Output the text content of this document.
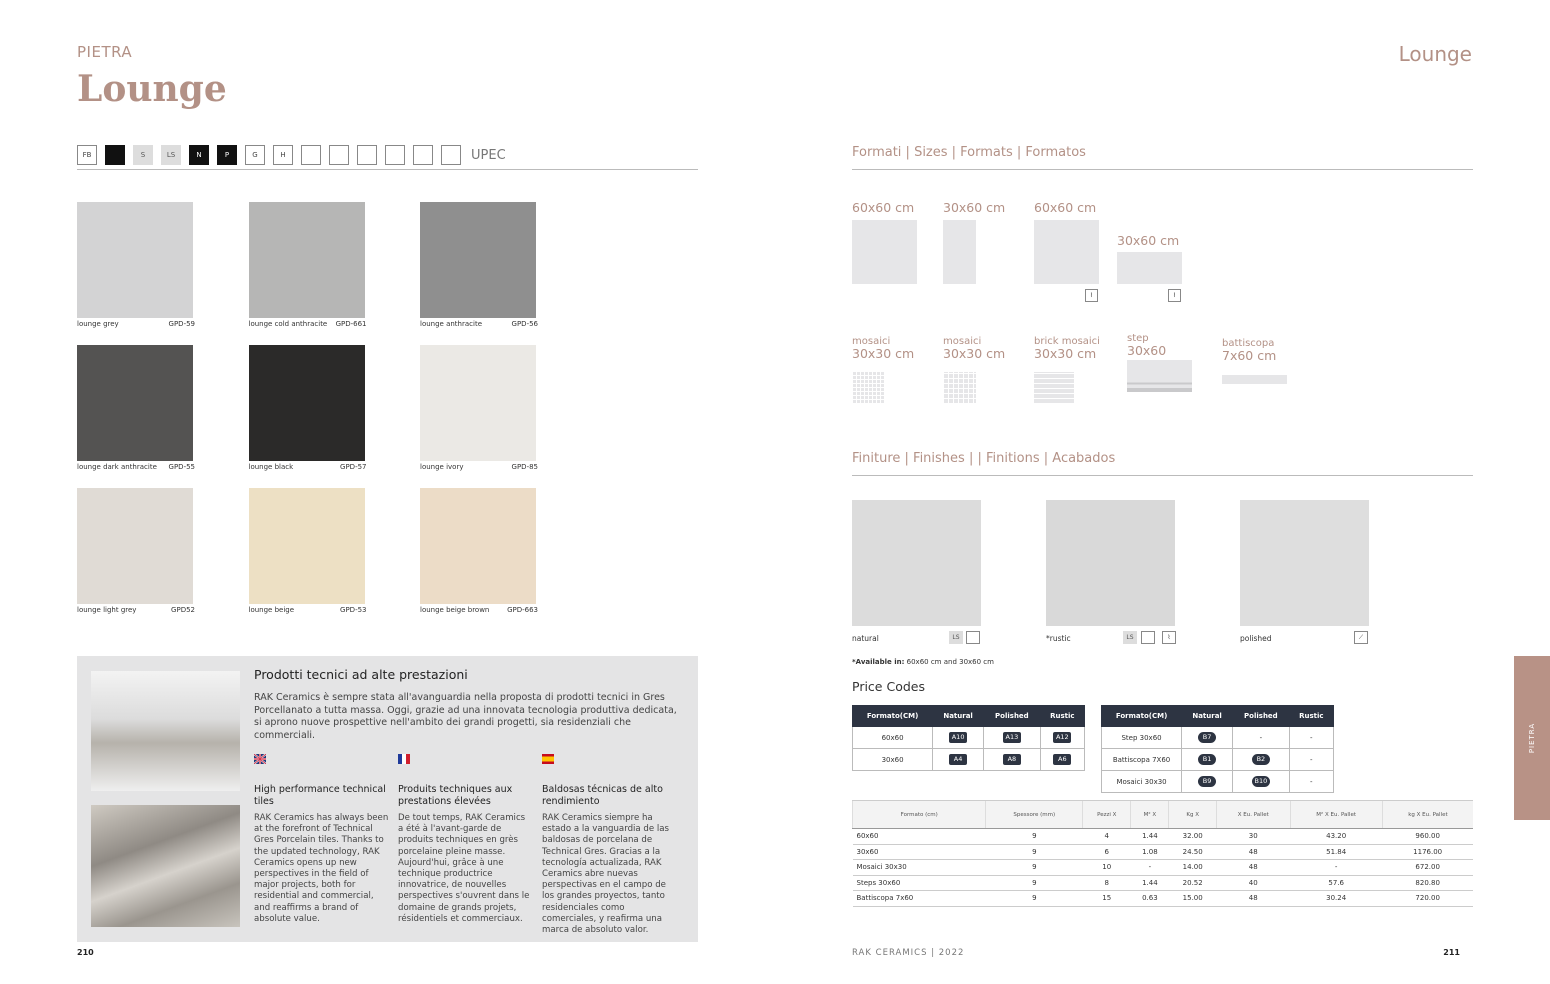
PIETRA
Lounge
FB	S	LS	N	P	G	H	UPEC
lounge grey	GPD-59	lounge cold anthracite GPD-661	lounge anthracite	GPD-56
lounge dark anthracite GPD-55	lounge black	GPD-57	lounge ivory	GPD-85
lounge light grey	GPD52	lounge beige	GPD-53	lounge beige brown	GPD-663
Prodotti tecnici ad alte prestazioni
RAK Ceramics è sempre stata all'avanguardia nella proposta di prodotti tecnici in Gres Porcellanato a tutta massa. Oggi, grazie ad una innovata tecnologia produttiva dedicata, si aprono nuove prospettive nell'ambito dei grandi progetti, sia residenziali che commerciali.
High performance technical tiles
RAK Ceramics has always been at the forefront of Technical Gres Porcelain tiles. Thanks to the updated technology, RAK Ceramics opens up new perspectives in the field of major projects, both for residential and commercial, and reaffirms a brand of absolute value.
Produits techniques aux prestations élevées
De tout temps, RAK Ceramics a été à l'avant-garde de produits techniques en grès porcelaine pleine masse. Aujourd'hui, grâce à une technique productrice innovatrice, de nouvelles perspectives s'ouvrent dans le domaine de grands projets, résidentiels et commerciaux.
Baldosas técnicas de alto rendimiento
RAK Ceramics siempre ha estado a la vanguardia de las baldosas de porcelana de Technical Gres. Gracias a la tecnología actualizada, RAK Ceramics abre nuevas perspectivas en el campo de los grandes proyectos, tanto residenciales como comerciales, y reafirma una marca de absoluto valor.
210
Lounge
Formati | Sizes | Formats | Formatos
60x60 cm 30x60 cm 60x60 cm
⌇
30x60 cm
⌇
mosaici
30x30 cm
mosaici
30x30 cm
brick mosaici
30x30 cm
step
30x60	battiscopa
7x60 cm
Finiture | Finishes | | Finitions | Acabados
natural	LS	*rustic	LS	⌇	polished	⟋
*Available in: 60x60 cm and 30x60 cm
Price Codes
Formato(CM)	Natural	Polished	Rustic
60x60	A10	A13	A12
30x60	A4	A8	A6
Formato(CM)	Natural	Polished	Rustic
Step 30x60	B7	-	-
Battiscopa 7X60	B1	B2	-
Mosaici 30x30	B9	B10	-
Formato (cm)	Spessore (mm)	Pezzi X	M² X	Kg X	X Eu. Pallet	M² X Eu. Pallet	kg X Eu. Pallet
60x60	9	4	1.44	32.00	30	43.20	960.00
30x60	9	6	1.08	24.50	48	51.84	1176.00
Mosaici 30x30	9	10	-	14.00	48	-	672.00
Steps 30x60	9	8	1.44	20.52	40	57.6	820.80
Battiscopa 7x60	9	15	0.63	15.00	48	30.24	720.00
RAK CERAMICS | 2022	211
PIETRA
